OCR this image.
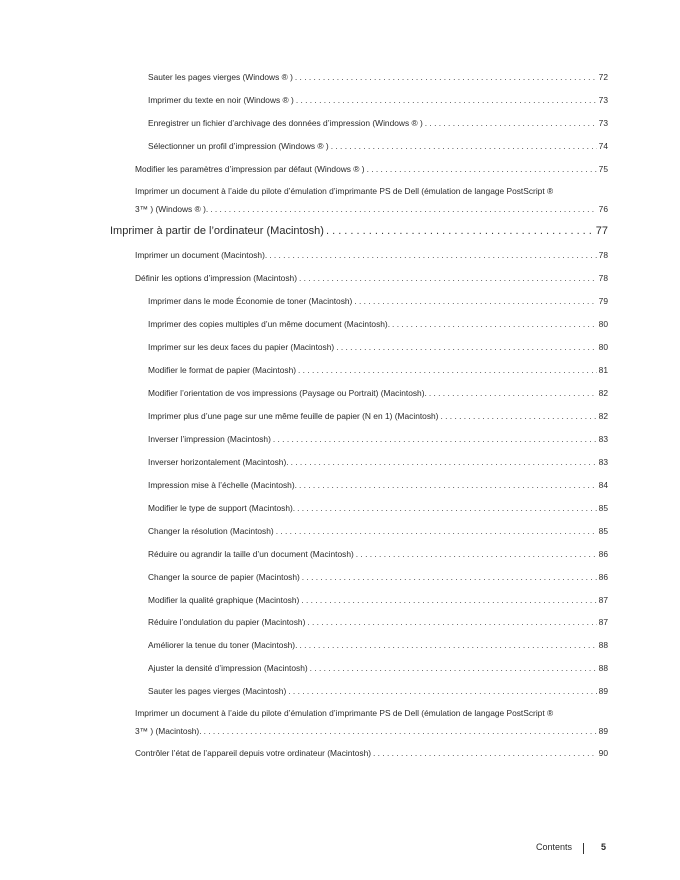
Sauter les pages vierges (Windows ® ) . . .	72
Imprimer du texte en noir (Windows ® ) . . .	73
Enregistrer un fichier d’archivage des données d’impression (Windows ® ) . . .	73
Sélectionner un profil d’impression (Windows ® ) . . .	74
Modifier les paramètres d’impression par défaut (Windows ® ) . . .	75
Imprimer un document à l’aide du pilote d’émulation d’imprimante PS de Dell (émulation de langage PostScript ®
3™ ) (Windows ® ). . . .	76
Imprimer à partir de l’ordinateur (Macintosh) . . .	77
Imprimer un document (Macintosh). . . .	78
Définir les options d’impression (Macintosh) . . .	78
Imprimer dans le mode Économie de toner (Macintosh) . . .	79
Imprimer des copies multiples d’un même document (Macintosh). . . .	80
Imprimer sur les deux faces du papier (Macintosh) . . .	80
Modifier le format de papier (Macintosh) . . .	81
Modifier l’orientation de vos impressions (Paysage ou Portrait) (Macintosh). . . .	82
Imprimer plus d’une page sur une même feuille de papier (N en 1) (Macintosh) . . .	82
Inverser l’impression (Macintosh) . . .	83
Inverser horizontalement (Macintosh). . . .	83
Impression mise à l’échelle (Macintosh). . . .	84
Modifier le type de support (Macintosh). . . .	85
Changer la résolution (Macintosh) . . .	85
Réduire ou agrandir la taille d’un document (Macintosh) . . .	86
Changer la source de papier (Macintosh) . . .	86
Modifier la qualité graphique (Macintosh) . . .	87
Réduire l’ondulation du papier (Macintosh) . . .	87
Améliorer la tenue du toner (Macintosh). . . .	88
Ajuster la densité d’impression (Macintosh) . . .	88
Sauter les pages vierges (Macintosh) . . .	89
Imprimer un document à l’aide du pilote d’émulation d’imprimante PS de Dell (émulation de langage PostScript ®
3™ ) (Macintosh). . . .	89
Contrôler l’état de l’appareil depuis votre ordinateur (Macintosh) . . .	90
Contents	5
